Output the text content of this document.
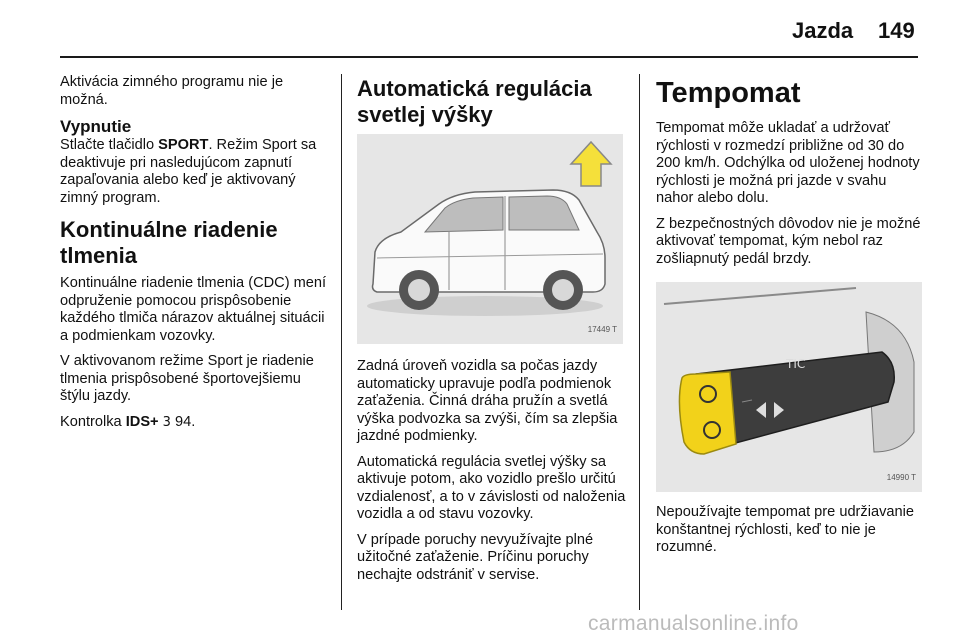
Jazda 149

Aktivácia zimného programu nie je možná.

Vypnutie

Stlačte tlačidlo SPORT. Režim Sport sa deaktivuje pri nasledujúcom zapnutí zapaľovania alebo keď je aktivovaný zimný program.

Kontinuálne riadenie tlmenia

Kontinuálne riadenie tlmenia (CDC) mení odpruženie pomocou prispôsobenie každého tlmiča nárazov aktuálnej situácii a podmienkam vozovky.

V aktivovanom režime Sport je riadenie tlmenia prispôsobené športovejšiemu štýlu jazdy.

Kontrolka IDS+ 3 94.

Automatická regulácia svetlej výšky
17449 T

Zadná úroveň vozidla sa počas jazdy automaticky upravuje podľa podmienok zaťaženia. Činná dráha pružín a svetlá výška podvozka sa zvýši, čím sa zlepšia jazdné podmienky.

Automatická regulácia svetlej výšky sa aktivuje potom, ako vozidlo prešlo určitú vzdialenosť, a to v závislosti od naloženia vozidla a od stavu vozovky.

V prípade poruchy nevyužívajte plné užitočné zaťaženie. Príčinu poruchy nechajte odstrániť v servise.

Tempomat

Tempomat môže ukladať a udržovať rýchlosti v rozmedzí približne od 30 do 200 km/h. Odchýlka od uloženej hodnoty rýchlosti je možná pri jazde v svahu nahor alebo dolu.

Z bezpečnostných dôvodov nie je možné aktivovať tempomat, kým nebol raz zošliapnutý pedál brzdy.

TIC
14990 T

Nepoužívajte tempomat pre udržiavanie konštantnej rýchlosti, keď to nie je rozumné.

carmanualsonline.info
